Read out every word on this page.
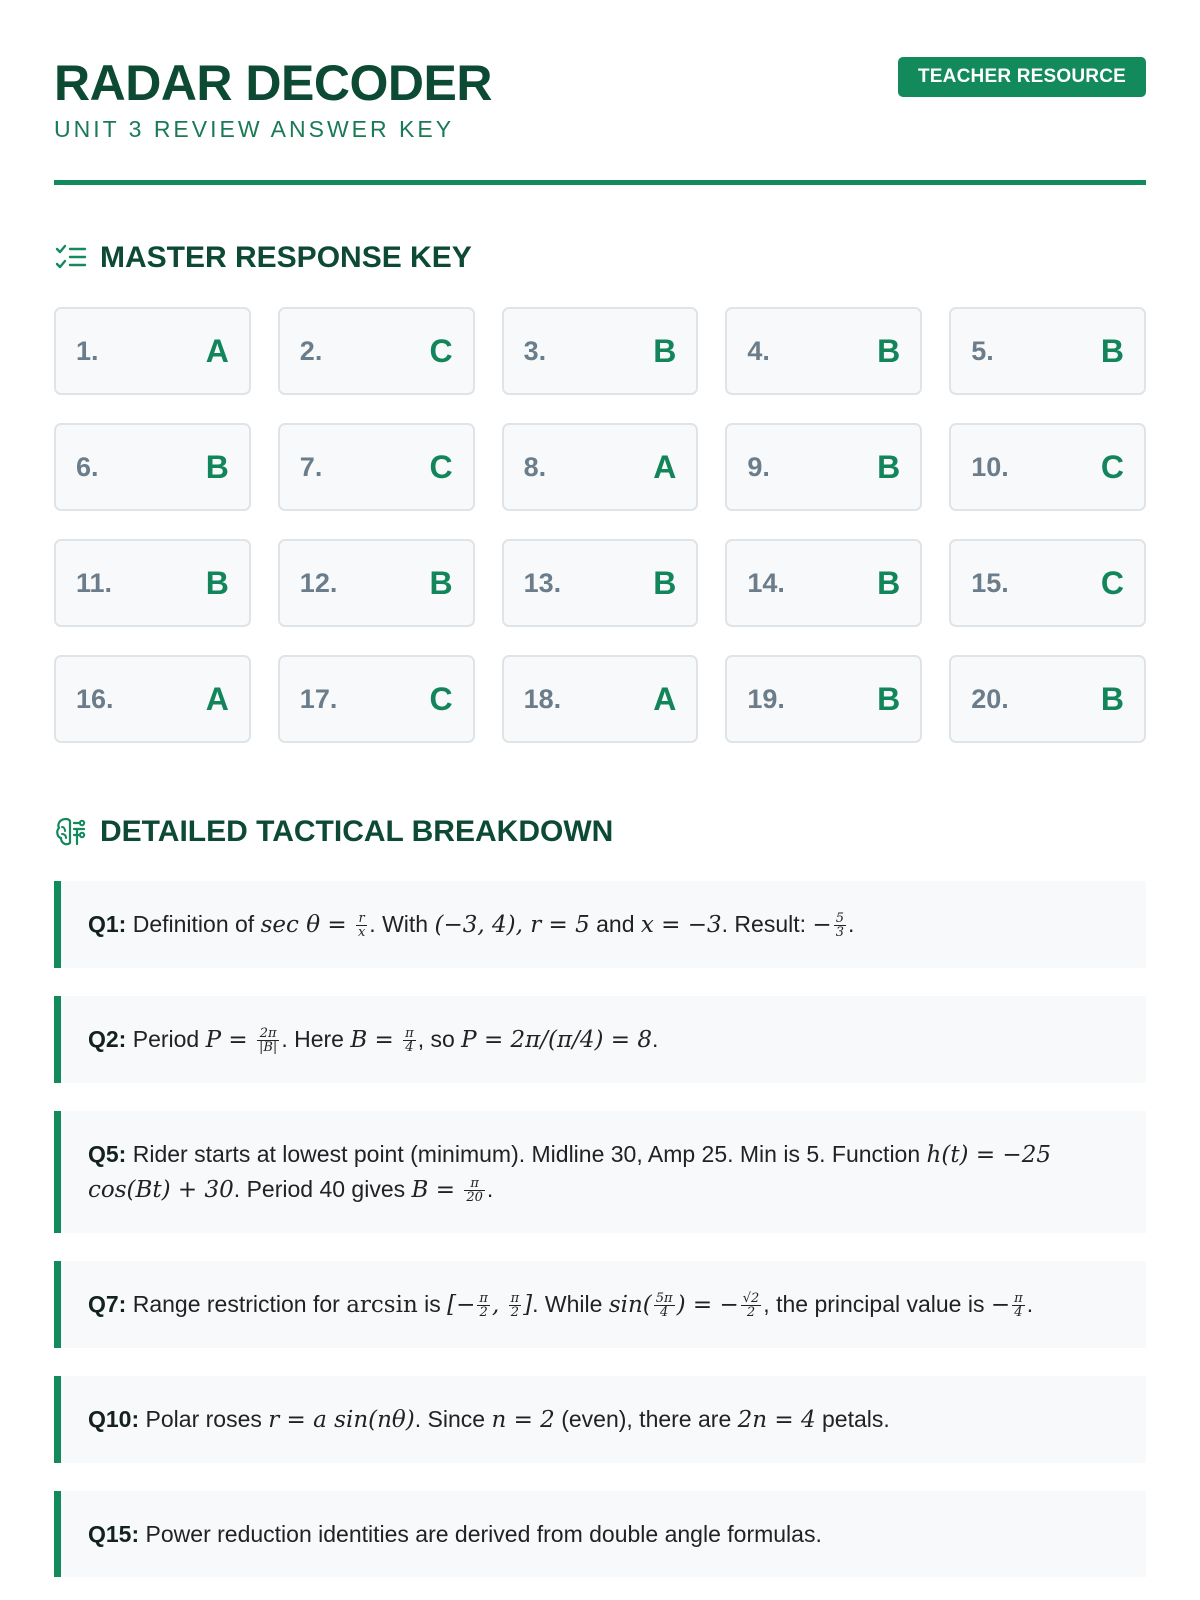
RADAR DECODER
UNIT 3 REVIEW ANSWER KEY
TEACHER RESOURCE
MASTER RESPONSE KEY
1.	A	2.	C	3.	B	4.	B	5.	B
6.	B	7.	C	8.	A	9.	B	10.	C
11.	B	12.	B	13.	B	14.	B	15.	C
16.	A	17.	C	18.	A	19.	B	20.	B
DETAILED TACTICAL BREAKDOWN
Q1: Definition of $\sec \theta = \frac{r}{x}$ . With (−3, 4), r = 5 and x = −3. Result: − $\frac{5}{3}$ .
Q2: Period $P = \frac{2\pi}{|B|}$ . Here $B = \frac{\pi}{4}$ , so P = 2π/(π/4) = 8.
Q5: Rider starts at lowest point (minimum). Midline 30, Amp 25. Min is 5. Function h(t) = −25 cos(Bt) + 30. Period 40 gives $B = \frac{\pi}{20}$ .
Q7: Range restriction for arcsin is [− $\frac{\pi}{2}$ , $\frac{\pi}{2}$ ]. While $\sin( \frac{5\pi}{4}$ ) = − $\frac{√2}{2}$ , the principal value is − $\frac{\pi}{4}$ .
Q10: Polar roses r = a sin(nθ). Since n = 2 (even), there are 2n = 4 petals.
Q15: Power reduction identities are derived from double angle formulas.
